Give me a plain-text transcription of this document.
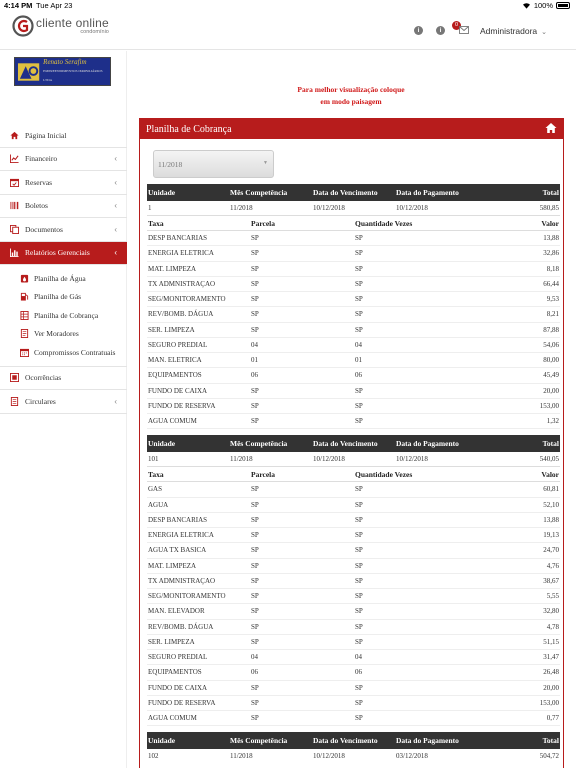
4:14 PM Tue Apr 23	100%
cliente online
condomínio	i	i
0
Administradora ⌄
Renato Serafim
EMPREENDIMENTOS IMOBILIÁRIOS LTDA
Página Inicial
Financeiro	‹
Reservas	‹
Boletos	‹
Documentos	‹
Relatórios Gerenciais	‹
Planilha de Água
Planilha de Gás
Planilha de Cobrança
Ver Moradores
Compromissos Contratuais
Ocorrências
Circulares	‹
Para melhor visualização coloque
em modo paisagem
Planilha de Cobrança
11/2018	▼
Unidade	Mês Competência	Data do Vencimento	Data do Pagamento	Total
1	11/2018	10/12/2018	10/12/2018	580,85
Taxa	Parcela	Quantidade Vezes	Valor
DESP BANCARIAS	SP	SP	13,88
ENERGIA ELETRICA	SP	SP	32,86
MAT. LIMPEZA	SP	SP	8,18
TX ADMNISTRAÇAO	SP	SP	66,44
SEG/MONITORAMENTO	SP	SP	9,53
REV/BOMB. DÁGUA	SP	SP	8,21
SER. LIMPEZA	SP	SP	87,88
SEGURO PREDIAL	04	04	54,06
MAN. ELETRICA	01	01	80,00
EQUIPAMENTOS	06	06	45,49
FUNDO DE CAIXA	SP	SP	20,00
FUNDO DE RESERVA	SP	SP	153,00
AGUA COMUM	SP	SP	1,32
Unidade	Mês Competência	Data do Vencimento	Data do Pagamento	Total
101	11/2018	10/12/2018	10/12/2018	540,05
Taxa	Parcela	Quantidade Vezes	Valor
GAS	SP	SP	60,81
AGUA	SP	SP	52,10
DESP BANCARIAS	SP	SP	13,88
ENERGIA ELETRICA	SP	SP	19,13
AGUA TX BASICA	SP	SP	24,70
MAT. LIMPEZA	SP	SP	4,76
TX ADMNISTRAÇAO	SP	SP	38,67
SEG/MONITORAMENTO	SP	SP	5,55
MAN. ELEVADOR	SP	SP	32,80
REV/BOMB. DÁGUA	SP	SP	4,78
SER. LIMPEZA	SP	SP	51,15
SEGURO PREDIAL	04	04	31,47
EQUIPAMENTOS	06	06	26,48
FUNDO DE CAIXA	SP	SP	20,00
FUNDO DE RESERVA	SP	SP	153,00
AGUA COMUM	SP	SP	0,77
Unidade	Mês Competência	Data do Vencimento	Data do Pagamento	Total
102	11/2018	10/12/2018	03/12/2018	504,72
